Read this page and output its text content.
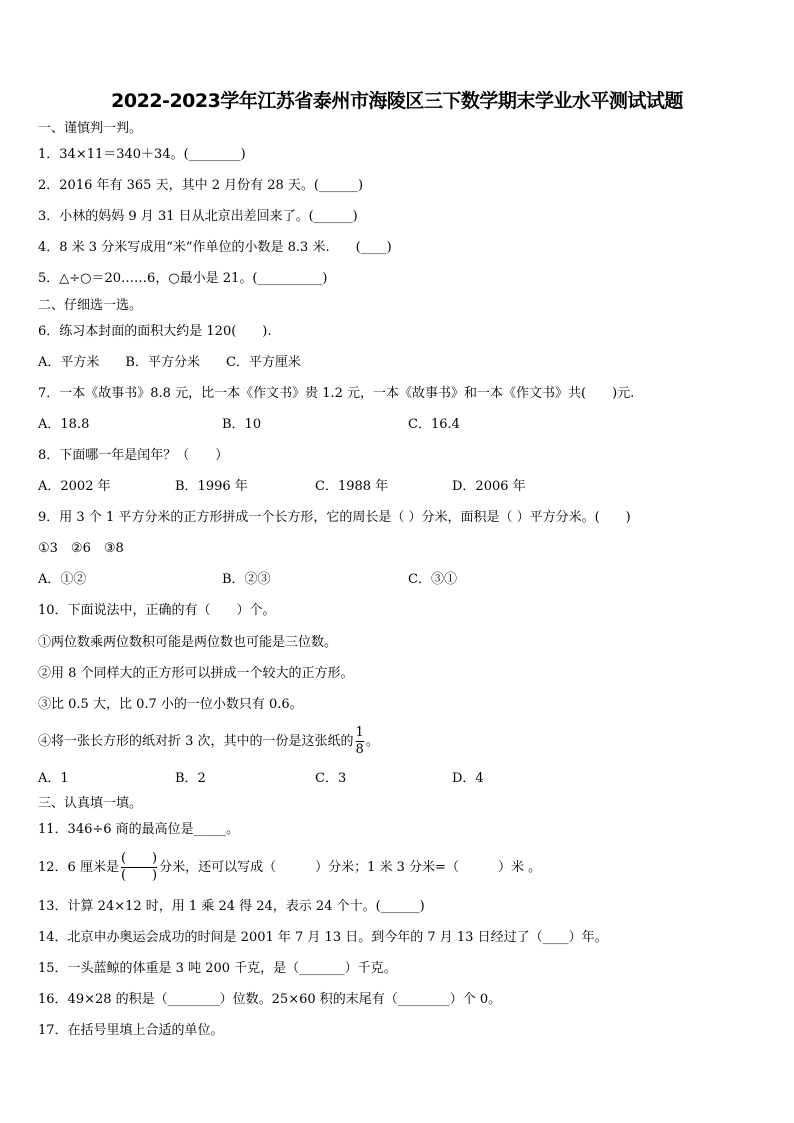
2022-2023学年江苏省泰州市海陵区三下数学期末学业水平测试试题
一、谨慎判一判。
1．34×11＝340＋34。(________)
2．2016 年有 365 天，其中 2 月份有 28 天。(______)
3．小林的妈妈 9 月 31 日从北京出差回来了。(______)
4．8 米 3 分米写成用“米”作单位的小数是 8.3 米.　　(____)
5．△÷○＝20……6，○最小是 21。(__________)
二、仔细选一选。
6．练习本封面的面积大约是 120(　　).
A．平方米　　B．平方分米　　C．平方厘米
7．一本《故事书》8.8 元，比一本《作文书》贵 1.2 元，一本《故事书》和一本《作文书》共(　　)元.
A．18.8	B．10	C．16.4
8．下面哪一年是闰年？（　　）
A．2002 年	B．1996 年	C．1988 年	D．2006 年
9．用 3 个 1 平方分米的正方形拼成一个长方形，它的周长是（ ）分米，面积是（ ）平方分米。(　　)
①3　②6　③8
A．①②	B．②③	C．③①
10．下面说法中，正确的有（　　）个。
①两位数乘两位数积可能是两位数也可能是三位数。
②用 8 个同样大的正方形可以拼成一个较大的正方形。
③比 0.5 大，比 0.7 小的一位小数只有 0.6。
④将一张长方形的纸对折 3 次，其中的一份是这张纸的 $\frac{1}{8}$ 。
A．1	B．2	C．3	D．4
三、认真填一填。
11．346÷6 商的最高位是_____。
12．6 厘米是 $\frac{( )}{( )}$ 分米，还可以写成（　　　）分米；1 米 3 分米=（　　　）米 。
13．计算 24×12 时，用 1 乘 24 得 24，表示 24 个十。(______)
14．北京申办奥运会成功的时间是 2001 年 7 月 13 日。到今年的 7 月 13 日经过了（____）年。
15．一头蓝鲸的体重是 3 吨 200 千克，是（_______）千克。
16．49×28 的积是（________）位数。25×60 积的末尾有（________）个 0。
17．在括号里填上合适的单位。
